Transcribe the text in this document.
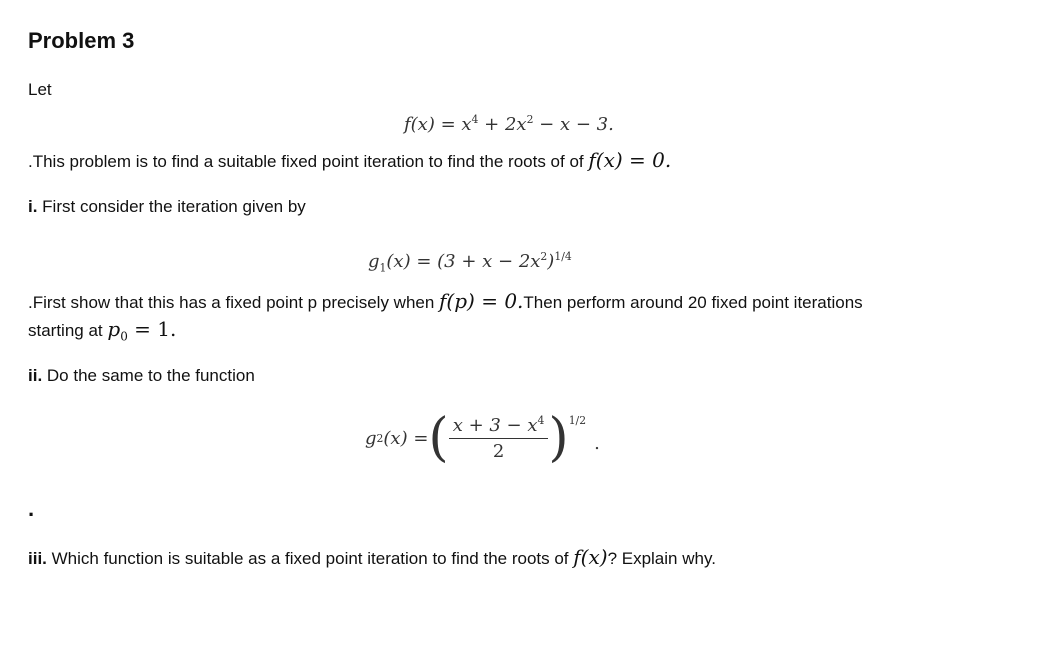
Problem 3
Let
$f(x) = x^4 + 2x^2 - x - 3$.
.This problem is to find a suitable fixed point iteration to find the roots of of f(x) = 0.
i. First consider the iteration given by
$g_1(x) = (3 + x - 2x^2)^{1/4}$
.First show that this has a fixed point p precisely when f(p) = 0.Then perform around 20 fixed point iterations
starting at $p_0 = 1$.
ii. Do the same to the function
g 2 (x) = ( $\frac{x + 3 - x^4}{2} )^{1/2}$
.
·
iii. Which function is suitable as a fixed point iteration to find the roots of f(x)? Explain why.
